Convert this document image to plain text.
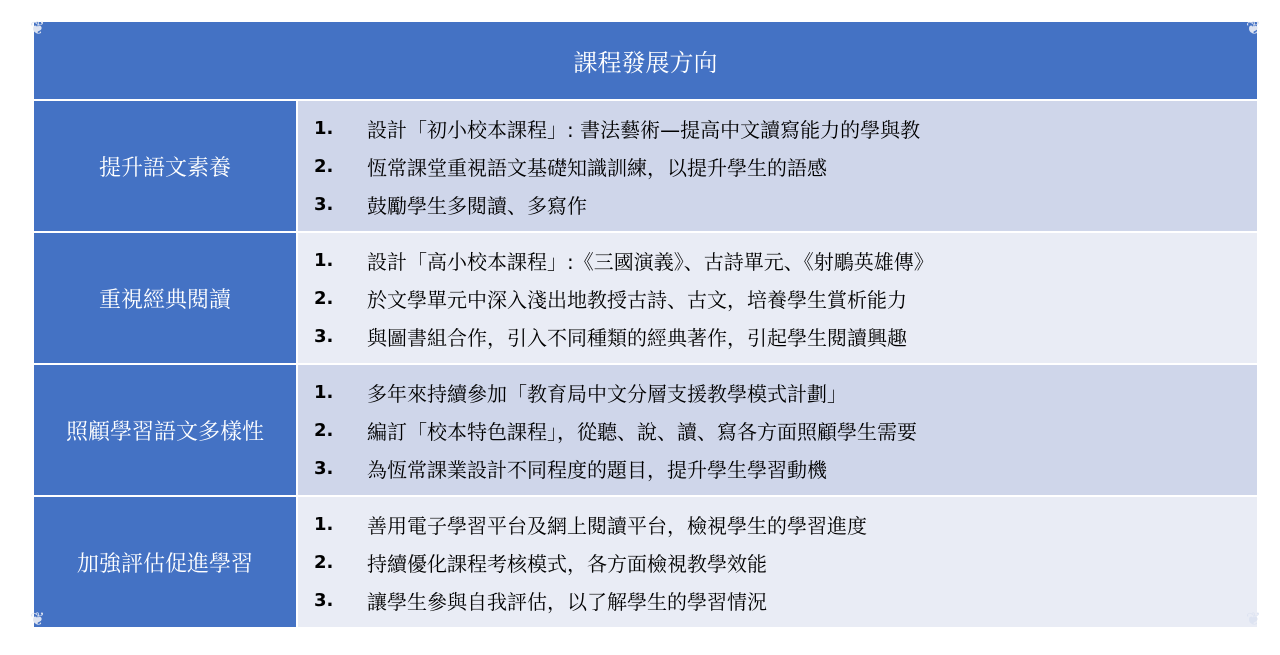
課程發展方向
提升語文素養
1.	設計「初小校本課程」: 書法藝術—提高中文讀寫能力的學與教
2.	恆常課堂重視語文基礎知識訓練，以提升學生的語感
3.	鼓勵學生多閱讀、多寫作
重視經典閱讀
1.	設計「高小校本課程」:《三國演義》、古詩單元、《射鵰英雄傳》
2.	於文學單元中深入淺出地教授古詩、古文，培養學生賞析能力
3.	與圖書組合作，引入不同種類的經典著作，引起學生閱讀興趣
照顧學習語文多樣性
1.	多年來持續參加「教育局中文分層支援教學模式計劃」
2.	編訂「校本特色課程」，從聽、說、讀、寫各方面照顧學生需要
3.	為恆常課業設計不同程度的題目，提升學生學習動機
加強評估促進學習
1.	善用電子學習平台及網上閱讀平台，檢視學生的學習進度
2.	持續優化課程考核模式，各方面檢視教學效能
3.	讓學生參與自我評估，以了解學生的學習情況
❦	❦
❦	❦
